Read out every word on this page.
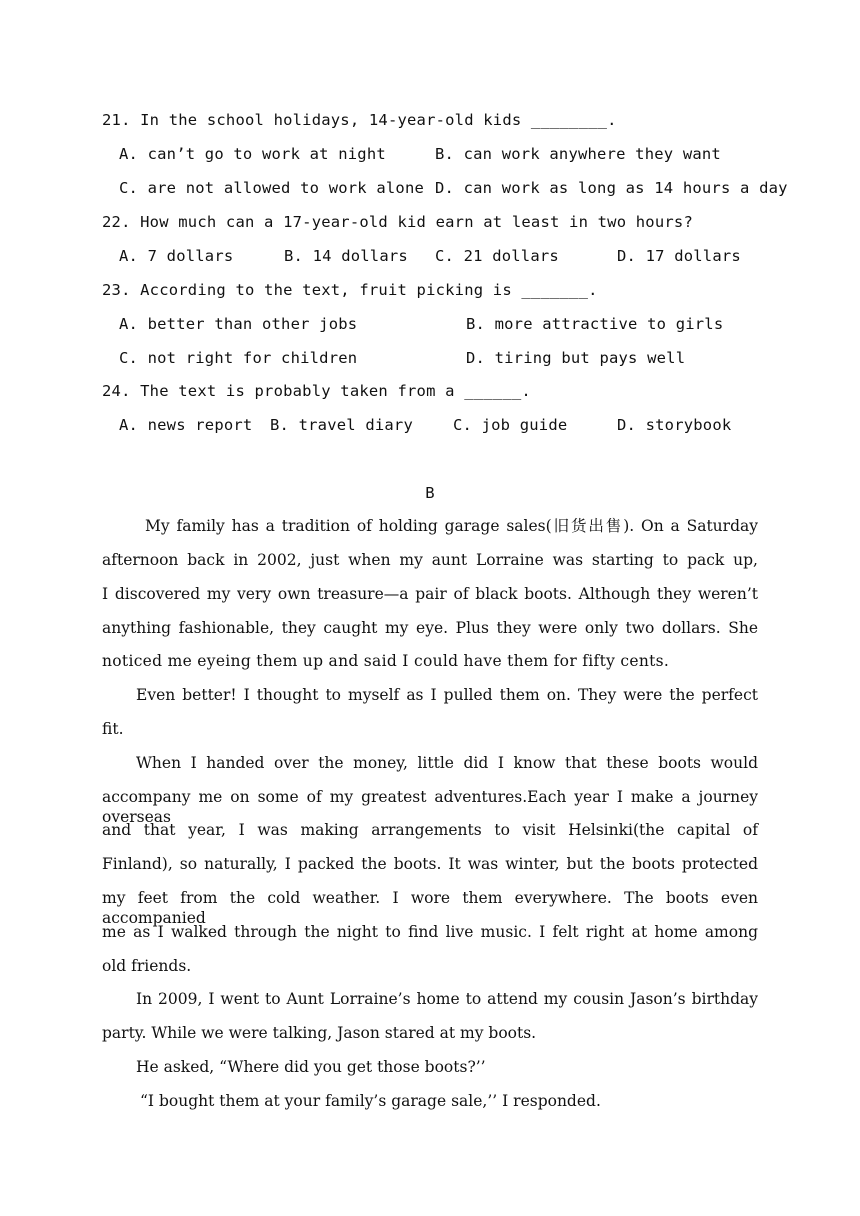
21. In the school holidays, 14-year-old kids ________.
A. can’t go to work at night	B. can work anywhere they want
C. are not allowed to work alone D. can work as long as 14 hours a day
22. How much can a 17-year-old kid earn at least in two hours?
A. 7 dollars	B. 14 dollars C. 21 dollars	D. 17 dollars
23. According to the text, fruit picking is _______.
A. better than other jobs	B. more attractive to girls
C. not right for children	D. tiring but pays well
24. The text is probably taken from a ______.
A. news report B. travel diary	C. job guide	D. storybook
B
My family has a tradition of holding garage sales(旧货出售). On a Saturday
afternoon back in 2002, just when my aunt Lorraine was starting to pack up,
I discovered my very own treasure—a pair of black boots. Although they weren’t
anything fashionable, they caught my eye. Plus they were only two dollars. She
noticed me eyeing them up and said I could have them for fifty cents.
Even better! I thought to myself as I pulled them on. They were the perfect
fit.
When I handed over the money, little did I know that these boots would
accompany me on some of my greatest adventures.Each year I make a journey overseas
and that year, I was making arrangements to visit Helsinki(the capital of
Finland), so naturally, I packed the boots. It was winter, but the boots protected
my feet from the cold weather. I wore them everywhere. The boots even accompanied
me as I walked through the night to find live music. I felt right at home among
old friends.
In 2009, I went to Aunt Lorraine’s home to attend my cousin Jason’s birthday
party. While we were talking, Jason stared at my boots.
He asked, “Where did you get those boots?’’
“I bought them at your family’s garage sale,’’ I responded.
